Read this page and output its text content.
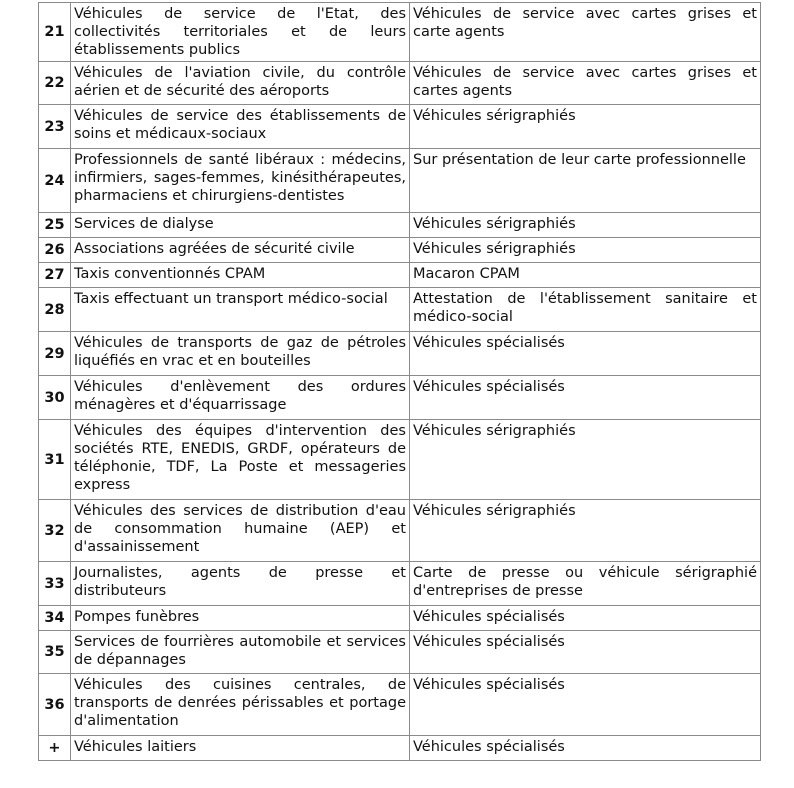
21	Véhicules de service de l'Etat, des collectivités territoriales et de leurs établissements publics	Véhicules de service avec cartes grises et carte agents
22	Véhicules de l'aviation civile, du contrôle aérien et de sécurité des aéroports	Véhicules de service avec cartes grises et cartes agents
23	Véhicules de service des établissements de soins et médicaux-sociaux	Véhicules sérigraphiés
24	Professionnels de santé libéraux : médecins, infirmiers, sages-femmes, kinésithérapeutes, pharmaciens et chirurgiens-dentistes	Sur présentation de leur carte professionnelle
25	Services de dialyse	Véhicules sérigraphiés
26	Associations agréées de sécurité civile	Véhicules sérigraphiés
27	Taxis conventionnés CPAM	Macaron CPAM
28	Taxis effectuant un transport médico-social	Attestation de l'établissement sanitaire et médico-social
29	Véhicules de transports de gaz de pétroles liquéfiés en vrac et en bouteilles	Véhicules spécialisés
30	Véhicules d'enlèvement des ordures ménagères et d'équarrissage	Véhicules spécialisés
31	Véhicules des équipes d'intervention des sociétés RTE, ENEDIS, GRDF, opérateurs de téléphonie, TDF, La Poste et messageries express	Véhicules sérigraphiés
32	Véhicules des services de distribution d'eau de consommation humaine (AEP) et d'assainissement	Véhicules sérigraphiés
33	Journalistes, agents de presse et distributeurs	Carte de presse ou véhicule sérigraphié d'entreprises de presse
34	Pompes funèbres	Véhicules spécialisés
35	Services de fourrières automobile et services de dépannages	Véhicules spécialisés
36	Véhicules des cuisines centrales, de transports de denrées périssables et portage d'alimentation	Véhicules spécialisés
+	Véhicules laitiers	Véhicules spécialisés
